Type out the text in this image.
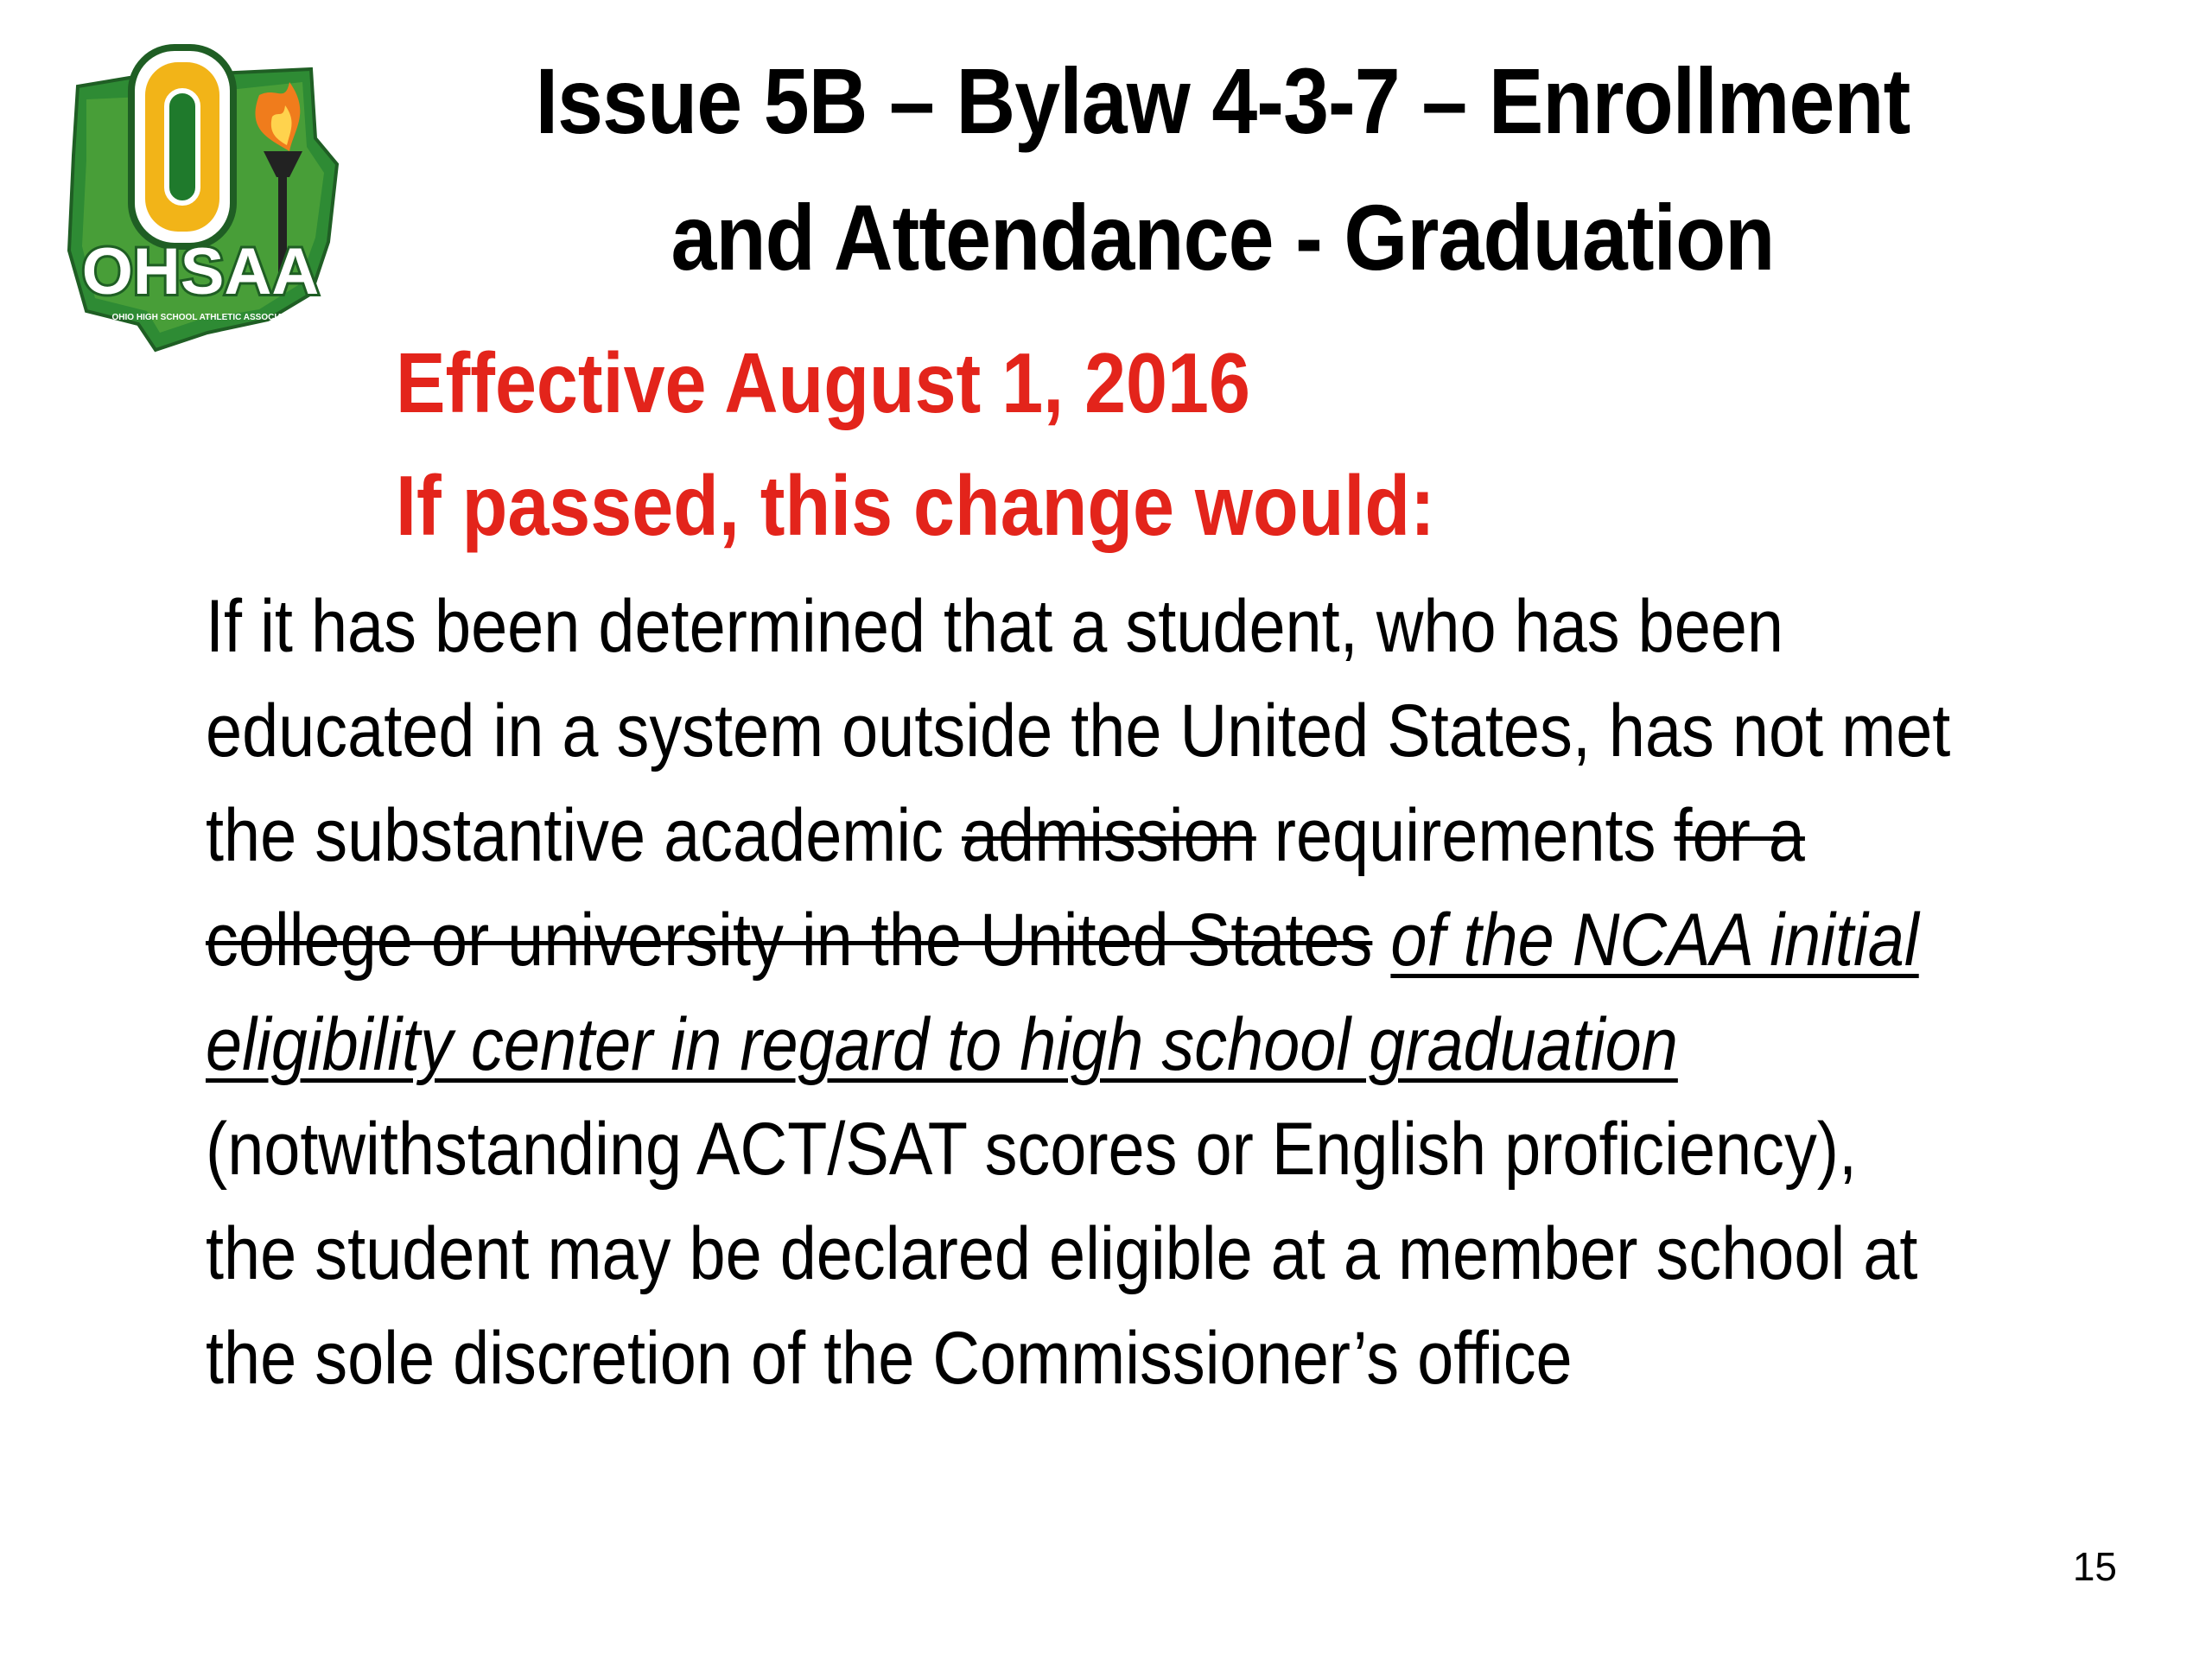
OHSAA
OHIO HIGH SCHOOL ATHLETIC ASSOCIATION
Issue 5B – Bylaw 4-3-7 – Enrollment
and Attendance - Graduation
Effective August 1, 2016
If passed, this change would:
If it has been determined that a student, who has been
educated in a system outside the United States, has not met
the substantive academic admission requirements for a
college or university in the United States of the NCAA initial
eligibility center in regard to high school graduation
(notwithstanding ACT/SAT scores or English proficiency),
the student may be declared eligible at a member school at
the sole discretion of the Commissioner’s office
15
